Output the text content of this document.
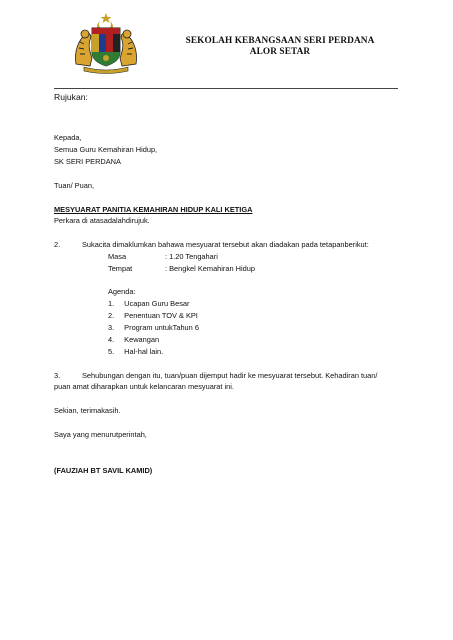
SEKOLAH KEBANGSAAN SERI PERDANA
ALOR SETAR
Rujukan:
Kepada,
Semua Guru Kemahiran Hidup,
SK SERI PERDANA
Tuan/ Puan,
MESYUARAT PANITIA KEMAHIRAN HIDUP KALI KETIGA
Perkara di atasadalahdirujuk.
2.	Sukacita dimaklumkan bahawa mesyuarat tersebut akan diadakan pada tetapanberikut:
Masa	: 1.20 Tengahari
Tempat	: Bengkel Kemahiran Hidup
Agenda:
1. Ucapan Guru Besar
2. Penentuan TOV & KPI
3. Program untukTahun 6
4. Kewangan
5. Hal-hal lain.
3.	Sehubungan dengan itu, tuan/puan dijemput hadir ke mesyuarat tersebut. Kehadiran tuan/
puan amat diharapkan untuk kelancaran mesyuarat ini.
Sekian, terimakasih.
Saya yang menurutperintah,
(FAUZIAH BT SAVIL KAMID)
